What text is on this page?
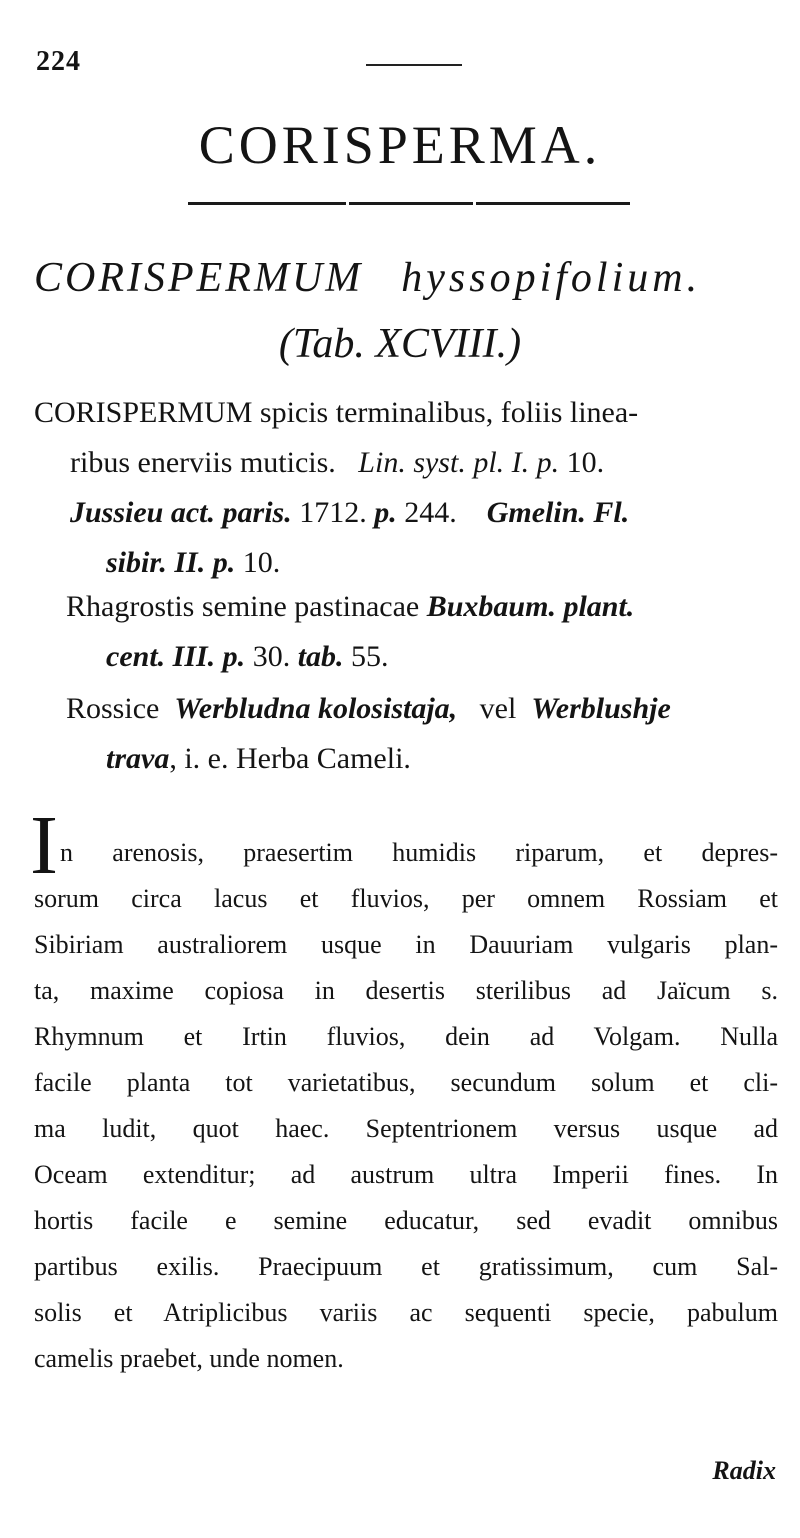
224
CORISPERMA.
CORISPERMUM hyssopifolium.
(Tab. XCVIII.)
CORISPERMUM spicis terminalibus, foliis linea-
ribus enerviis muticis. Lin. syst. pl. I. p. 10.
Jussieu act. paris. 1712. p. 244. Gmelin. Fl.
sibir. II. p. 10.
Rhagrostis semine pastinacae Buxbaum. plant.
cent. III. p. 30. tab. 55.
Rossice Werbludna kolosistaja, vel Werblushje
trava, i. e. Herba Cameli.
I n arenosis, praesertim humidis riparum, et depres-
sorum circa lacus et fluvios, per omnem Rossiam et
Sibiriam australiorem usque in Dauuriam vulgaris plan-
ta, maxime copiosa in desertis sterilibus ad Jaïcum s.
Rhymnum et Irtin fluvios, dein ad Volgam. Nulla
facile planta tot varietatibus, secundum solum et cli-
ma ludit, quot haec. Septentrionem versus usque ad
Oceam extenditur; ad austrum ultra Imperii fines. In
hortis facile e semine educatur, sed evadit omnibus
partibus exilis. Praecipuum et gratissimum, cum Sal-
solis et Atriplicibus variis ac sequenti specie, pabulum
camelis praebet, unde nomen.
Radix
